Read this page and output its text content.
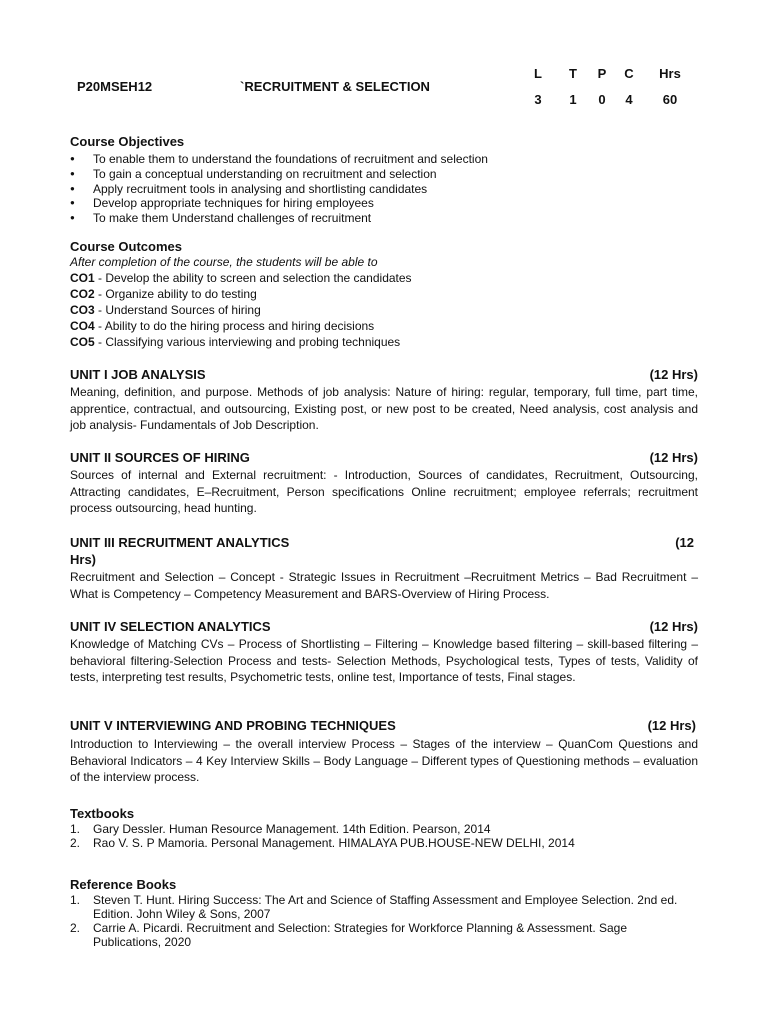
P20MSEH12	`RECRUITMENT & SELECTION
L	T	P	C	Hrs
3	1	0	4	60
Course Objectives
● To enable them to understand the foundations of recruitment and selection
● To gain a conceptual understanding on recruitment and selection
● Apply recruitment tools in analysing and shortlisting candidates
● Develop appropriate techniques for hiring employees
● To make them Understand challenges of recruitment
Course Outcomes
After completion of the course, the students will be able to
CO1 - Develop the ability to screen and selection the candidates
CO2 - Organize ability to do testing
CO3 - Understand Sources of hiring
CO4 - Ability to do the hiring process and hiring decisions
CO5 - Classifying various interviewing and probing techniques
UNIT I JOB ANALYSIS	(12 Hrs)
Meaning, definition, and purpose. Methods of job analysis: Nature of hiring: regular, temporary, full time, part time, apprentice, contractual, and outsourcing, Existing post, or new post to be created, Need analysis, cost analysis and job analysis- Fundamentals of Job Description.
UNIT II SOURCES OF HIRING	(12 Hrs)
Sources of internal and External recruitment: - Introduction, Sources of candidates, Recruitment, Outsourcing, Attracting candidates, E–Recruitment, Person specifications Online recruitment; employee referrals; recruitment process outsourcing, head hunting.
UNIT III RECRUITMENT ANALYTICS	(12
Hrs)
Recruitment and Selection – Concept - Strategic Issues in Recruitment –Recruitment Metrics – Bad Recruitment – What is Competency – Competency Measurement and BARS-Overview of Hiring Process.
UNIT IV SELECTION ANALYTICS	(12 Hrs)
Knowledge of Matching CVs – Process of Shortlisting – Filtering – Knowledge based filtering – skill-based filtering – behavioral filtering-Selection Process and tests- Selection Methods, Psychological tests, Types of tests, Validity of tests, interpreting test results, Psychometric tests, online test, Importance of tests, Final stages.
UNIT V INTERVIEWING AND PROBING TECHNIQUES	(12 Hrs)
Introduction to Interviewing – the overall interview Process – Stages of the interview – QuanCom Questions and Behavioral Indicators – 4 Key Interview Skills – Body Language – Different types of Questioning methods – evaluation of the interview process.
Textbooks
1.	Gary Dessler. Human Resource Management. 14th Edition. Pearson, 2014
2.	Rao V. S. P Mamoria. Personal Management. HIMALAYA PUB.HOUSE-NEW DELHI, 2014
Reference Books
1.	Steven T. Hunt. Hiring Success: The Art and Science of Staffing Assessment and Employee Selection. 2nd ed. Edition. John Wiley & Sons, 2007
2.	Carrie A. Picardi. Recruitment and Selection: Strategies for Workforce Planning & Assessment. Sage Publications, 2020
